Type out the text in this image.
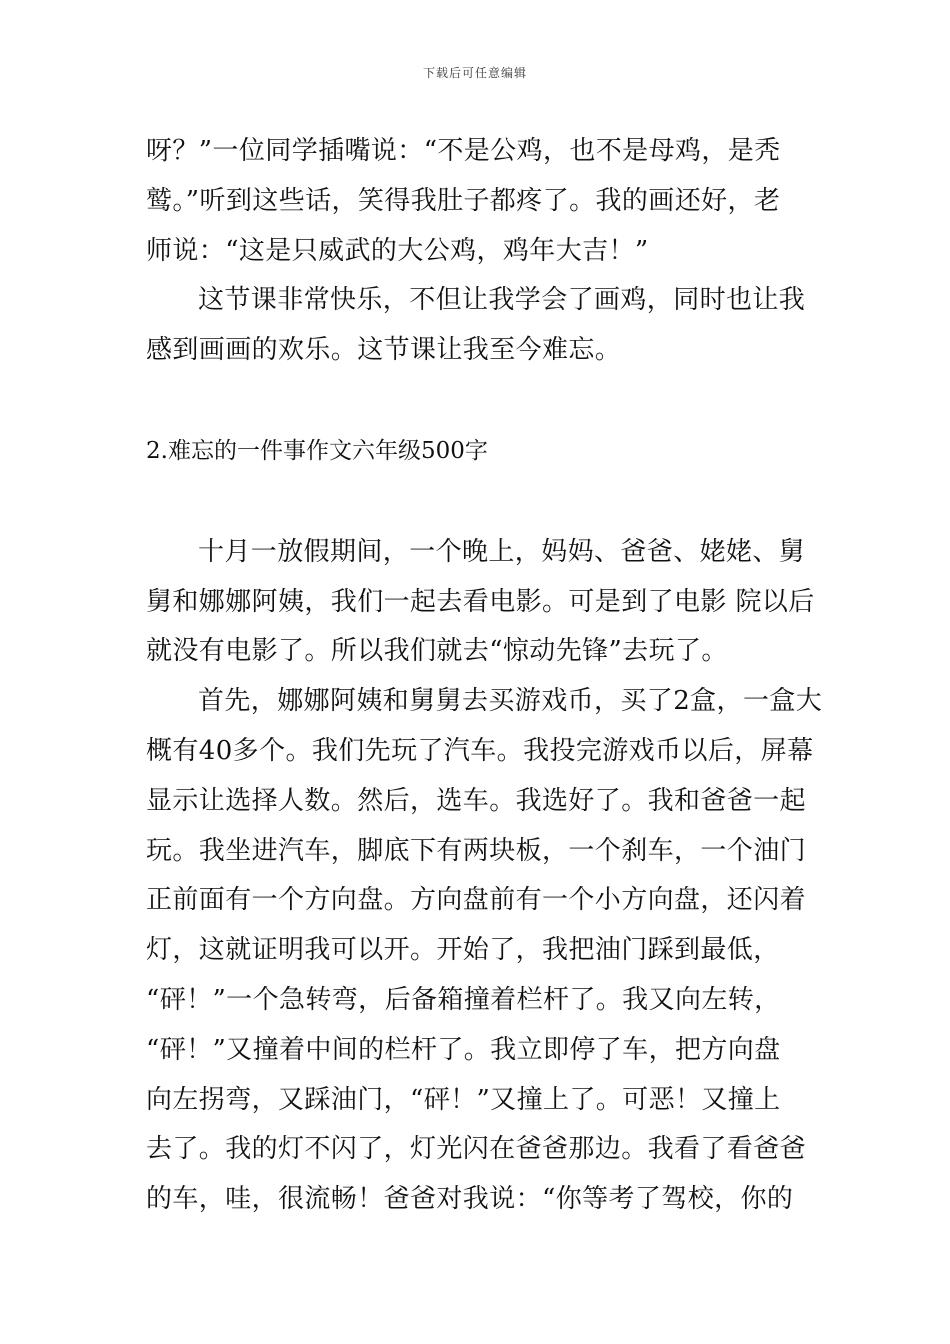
下载后可任意编辑
呀？”一位同学插嘴说：“不是公鸡，也不是母鸡，是秃
鹫。”听到这些话，笑得我肚子都疼了。我的画还好，老
师说：“这是只威武的大公鸡，鸡年大吉！”
这节课非常快乐，不但让我学会了画鸡，同时也让我
感到画画的欢乐。这节课让我至今难忘。
2.难忘的一件事作文六年级500字
十月一放假期间，一个晚上，妈妈、爸爸、姥姥、舅
舅和娜娜阿姨，我们一起去看电影。可是到了电影 院以后
就没有电影了。所以我们就去“惊动先锋”去玩了。
首先，娜娜阿姨和舅舅去买游戏币，买了2盒，一盒大
概有40多个。我们先玩了汽车。我投完游戏币以后，屏幕
显示让选择人数。然后，选车。我选好了。我和爸爸一起
玩。我坐进汽车，脚底下有两块板，一个刹车，一个油门
正前面有一个方向盘。方向盘前有一个小方向盘，还闪着
灯，这就证明我可以开。开始了，我把油门踩到最低，
“砰！”一个急转弯，后备箱撞着栏杆了。我又向左转，
“砰！”又撞着中间的栏杆了。我立即停了车，把方向盘
向左拐弯，又踩油门，“砰！”又撞上了。可恶！又撞上
去了。我的灯不闪了，灯光闪在爸爸那边。我看了看爸爸
的车，哇，很流畅！爸爸对我说：“你等考了驾校，你的
